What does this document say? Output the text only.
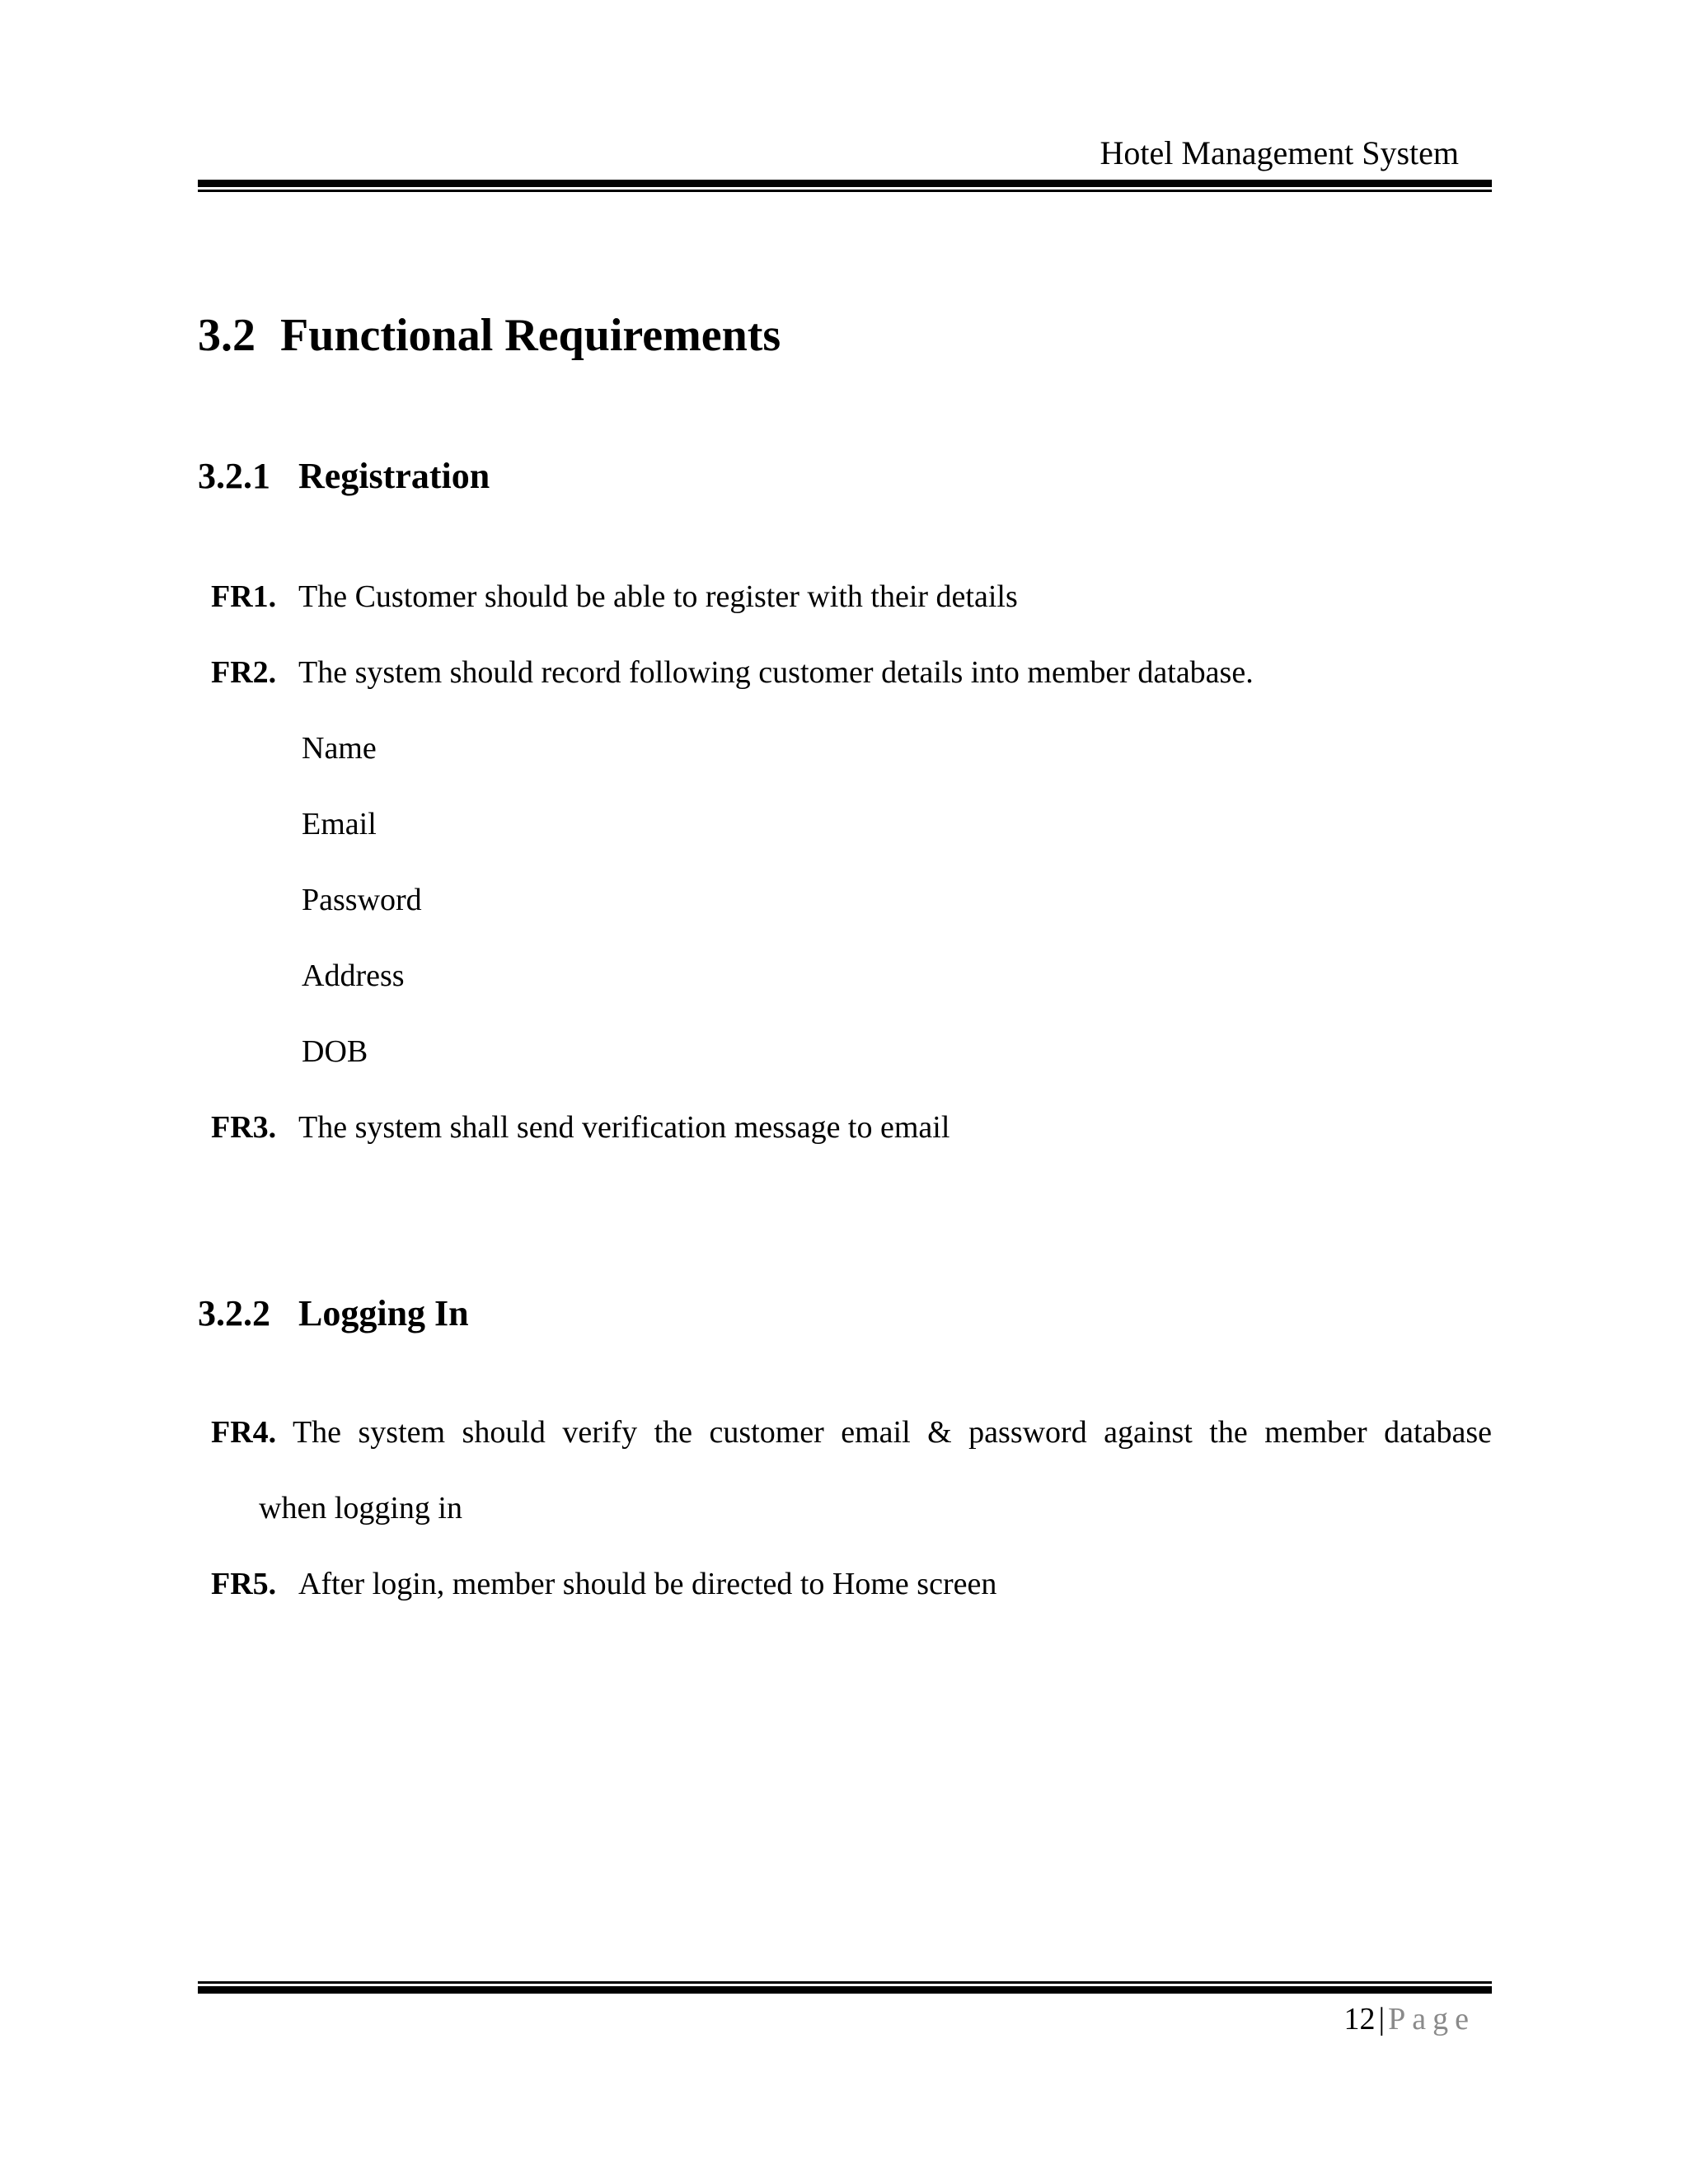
Hotel Management System
3.2 Functional Requirements
3.2.1 Registration
FR1. The Customer should be able to register with their details
FR2. The system should record following customer details into member database.
Name
Email
Password
Address
DOB
FR3. The system shall send verification message to email
3.2.2 Logging In
FR4. The system should verify the customer email & password against the member database
when logging in
FR5. After login, member should be directed to Home screen
12 | Page
